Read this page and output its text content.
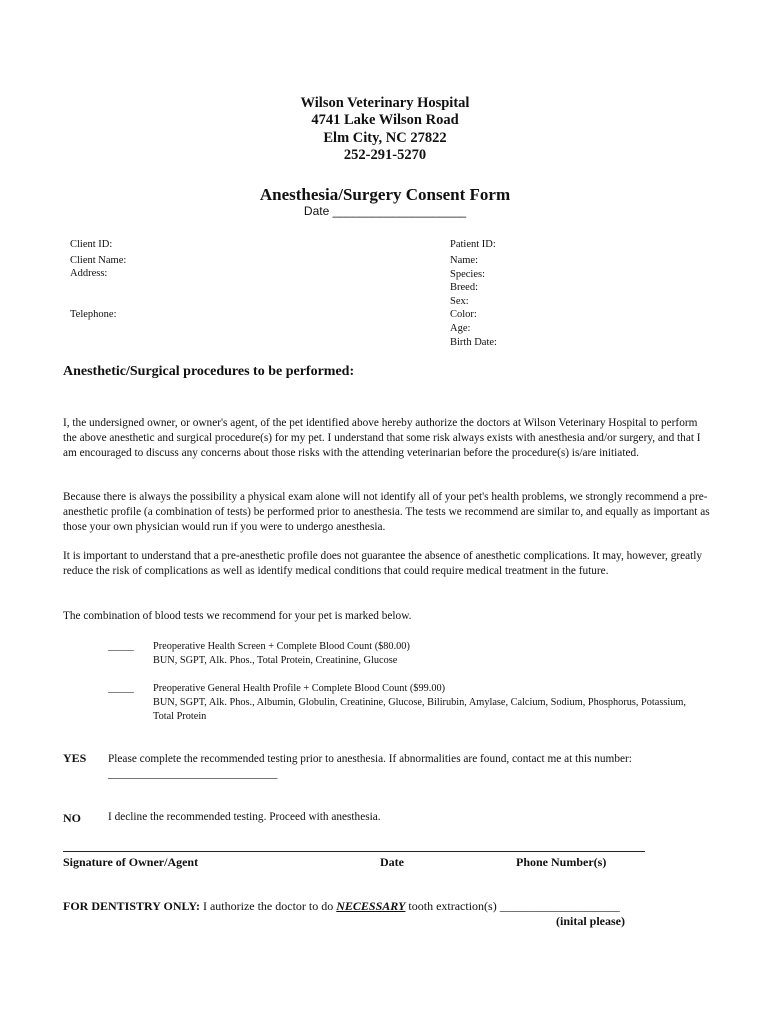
Wilson Veterinary Hospital
4741 Lake Wilson Road
Elm City, NC 27822
252-291-5270
Anesthesia/Surgery Consent Form
Date ____________________
Client ID:
Client Name:
Address:
Telephone:
Patient ID:
Name:
Species:
Breed:
Sex:
Color:
Age:
Birth Date:
Anesthetic/Surgical procedures to be performed:
I, the undersigned owner, or owner's agent, of the pet identified above hereby authorize the doctors at Wilson Veterinary Hospital to perform the above anesthetic and surgical procedure(s) for my pet. I understand that some risk always exists with anesthesia and/or surgery, and that I am encouraged to discuss any concerns about those risks with the attending veterinarian before the procedure(s) is/are initiated.
Because there is always the possibility a physical exam alone will not identify all of your pet's health problems, we strongly recommend a pre-anesthetic profile (a combination of tests) be performed prior to anesthesia. The tests we recommend are similar to, and equally as important as those your own physician would run if you were to undergo anesthesia.
It is important to understand that a pre-anesthetic profile does not guarantee the absence of anesthetic complications. It may, however, greatly reduce the risk of complications as well as identify medical conditions that could require medical treatment in the future.
The combination of blood tests we recommend for your pet is marked below.
_____ Preoperative Health Screen + Complete Blood Count ($80.00)
BUN, SGPT, Alk. Phos., Total Protein, Creatinine, Glucose
_____ Preoperative General Health Profile + Complete Blood Count ($99.00)
BUN, SGPT, Alk. Phos., Albumin, Globulin, Creatinine, Glucose, Bilirubin, Amylase, Calcium, Sodium, Phosphorus, Potassium, Total Protein
YES Please complete the recommended testing prior to anesthesia. If abnormalities are found, contact me at this number: ______________________________
NO I decline the recommended testing. Proceed with anesthesia.
Signature of Owner/Agent	Date	Phone Number(s)
FOR DENTISTRY ONLY: I authorize the doctor to do NECESSARY tooth extraction(s) ____________________
(inital please)
